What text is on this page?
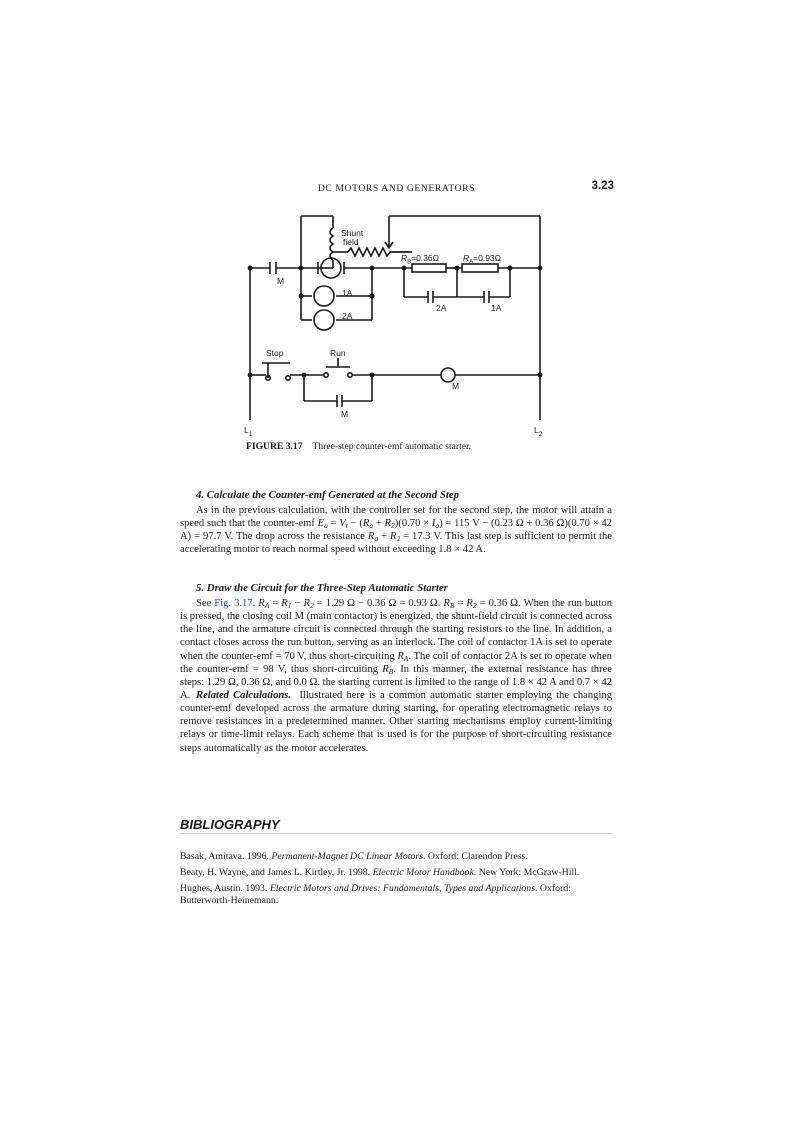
DC MOTORS AND GENERATORS	3.23
Shunt
field
$R_B=0.36\Omega$	$R_A=0.93\Omega$
M
1A
2A
2A	1A
Stop	Run
M
M
$L_1$	$L_2$
FIGURE 3.17 Three-step counter-emf automatic starter.
4. Calculate the Counter-emf Generated at the Second Step

As in the previous calculation, with the controller set for the second step, the motor will attain a speed such that the counter-emf $E_a = V_t - (R_a + R_2)(0.70 \times I_a) = 115$ V − (0.23 Ω + 0.36 Ω)(0.70 × 42 A) = 97.7 V. The drop across the resistance $R_a + R_2 = 17.3$ V. This last step is sufficient to permit the accelerating motor to reach normal speed without exceeding 1.8 × 42 A.

5. Draw the Circuit for the Three-Step Automatic Starter

See Fig. 3.17. $R_A = R_1 - R_2 = 1.29$ Ω − 0.36 Ω = 0.93 Ω. $R_B = R_2 = 0.36$ Ω. When the run button is pressed, the closing coil M (main contactor) is energized, the shunt-field circuit is connected across the line, and the armature circuit is connected through the starting resistors to the line. In addition, a contact closes across the run button, serving as an interlock. The coil of contactor 1A is set to operate when the counter-emf = 70 V, thus short-circuiting $R_A$. The coil of contactor 2A is set to operate when the counter-emf = 98 V, thus short-circuiting $R_B$. In this manner, the external resistance has three steps: 1.29 Ω, 0.36 Ω, and 0.0 Ω. the starting current is limited to the range of 1.8 × 42 A and 0.7 × 42 A. Related Calculations. Illustrated here is a common automatic starter employing the changing counter-emf developed across the armature during starting, for operating electromagnetic relays to remove resistances in a predetermined manner. Other starting mechanisms employ current-limiting relays or time-limit relays. Each scheme that is used is for the purpose of short-circuiting resistance steps automatically as the motor accelerates.

BIBLIOGRAPHY
Basak, Amitava. 1996. Permanent-Magnet DC Linear Motors. Oxford: Clarendon Press.
Beaty, H. Wayne, and James L. Kirtley, Jr. 1998. Electric Motor Handbook. New York: McGraw-Hill.
Hughes, Austin. 1993. Electric Motors and Drives: Fundamentals, Types and Applications. Oxford: Butterworth-Heinemann.
